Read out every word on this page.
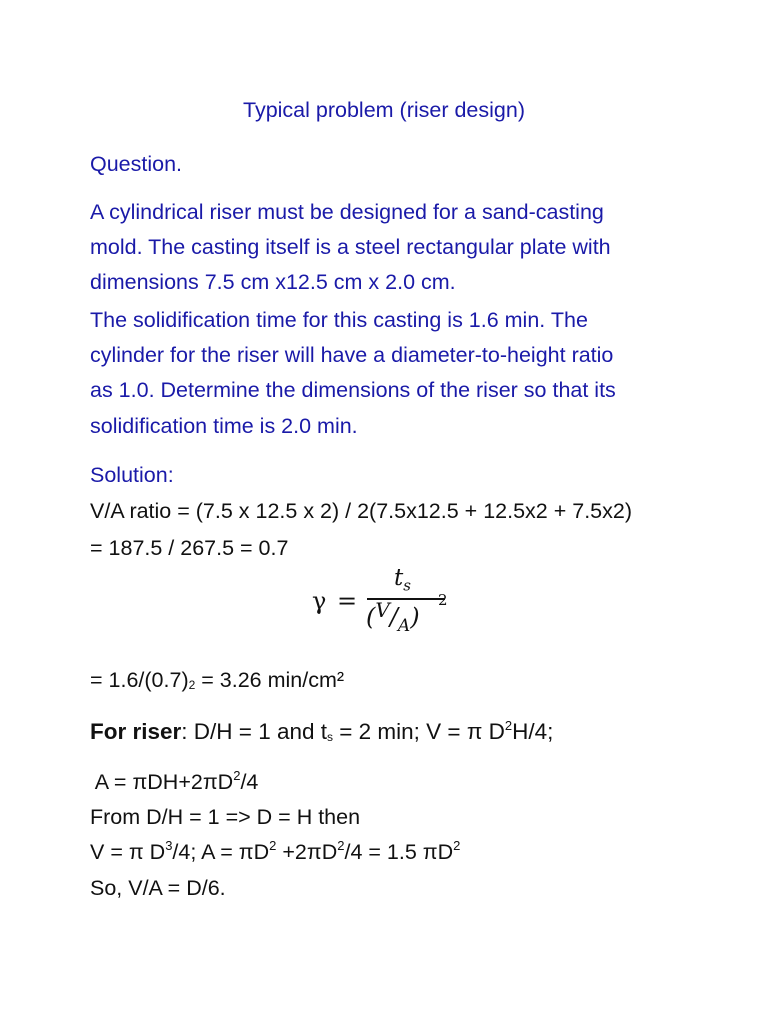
Typical problem (riser design)
Question.
A cylindrical riser must be designed for a sand-casting
mold. The casting itself is a steel rectangular plate with
dimensions 7.5 cm x12.5 cm x 2.0 cm.
The solidification time for this casting is 1.6 min. The
cylinder for the riser will have a diameter-to-height ratio
as 1.0. Determine the dimensions of the riser so that its
solidification time is 2.0 min.
Solution:
V/A ratio = (7.5 x 12.5 x 2) / 2(7.5x12.5 + 12.5x2 + 7.5x2)
= 187.5 / 267.5 = 0.7
γ =
$t_s$
$(^V/_A)$
2
= $1.6/(0.7)_2 = 3.26$ min/cm²
For riser: D/H = 1 and $t_s = 2$ min; V = π $D^2H/4$;
$A = \pi DH+2\pi D^2/4$
From D/H = 1 => D = H then
V = π $D^3/4$; $A = \pi D^2 +2\pi D^2/4 = 1.5$ $\pi D^2$
So, V/A = D/6.
